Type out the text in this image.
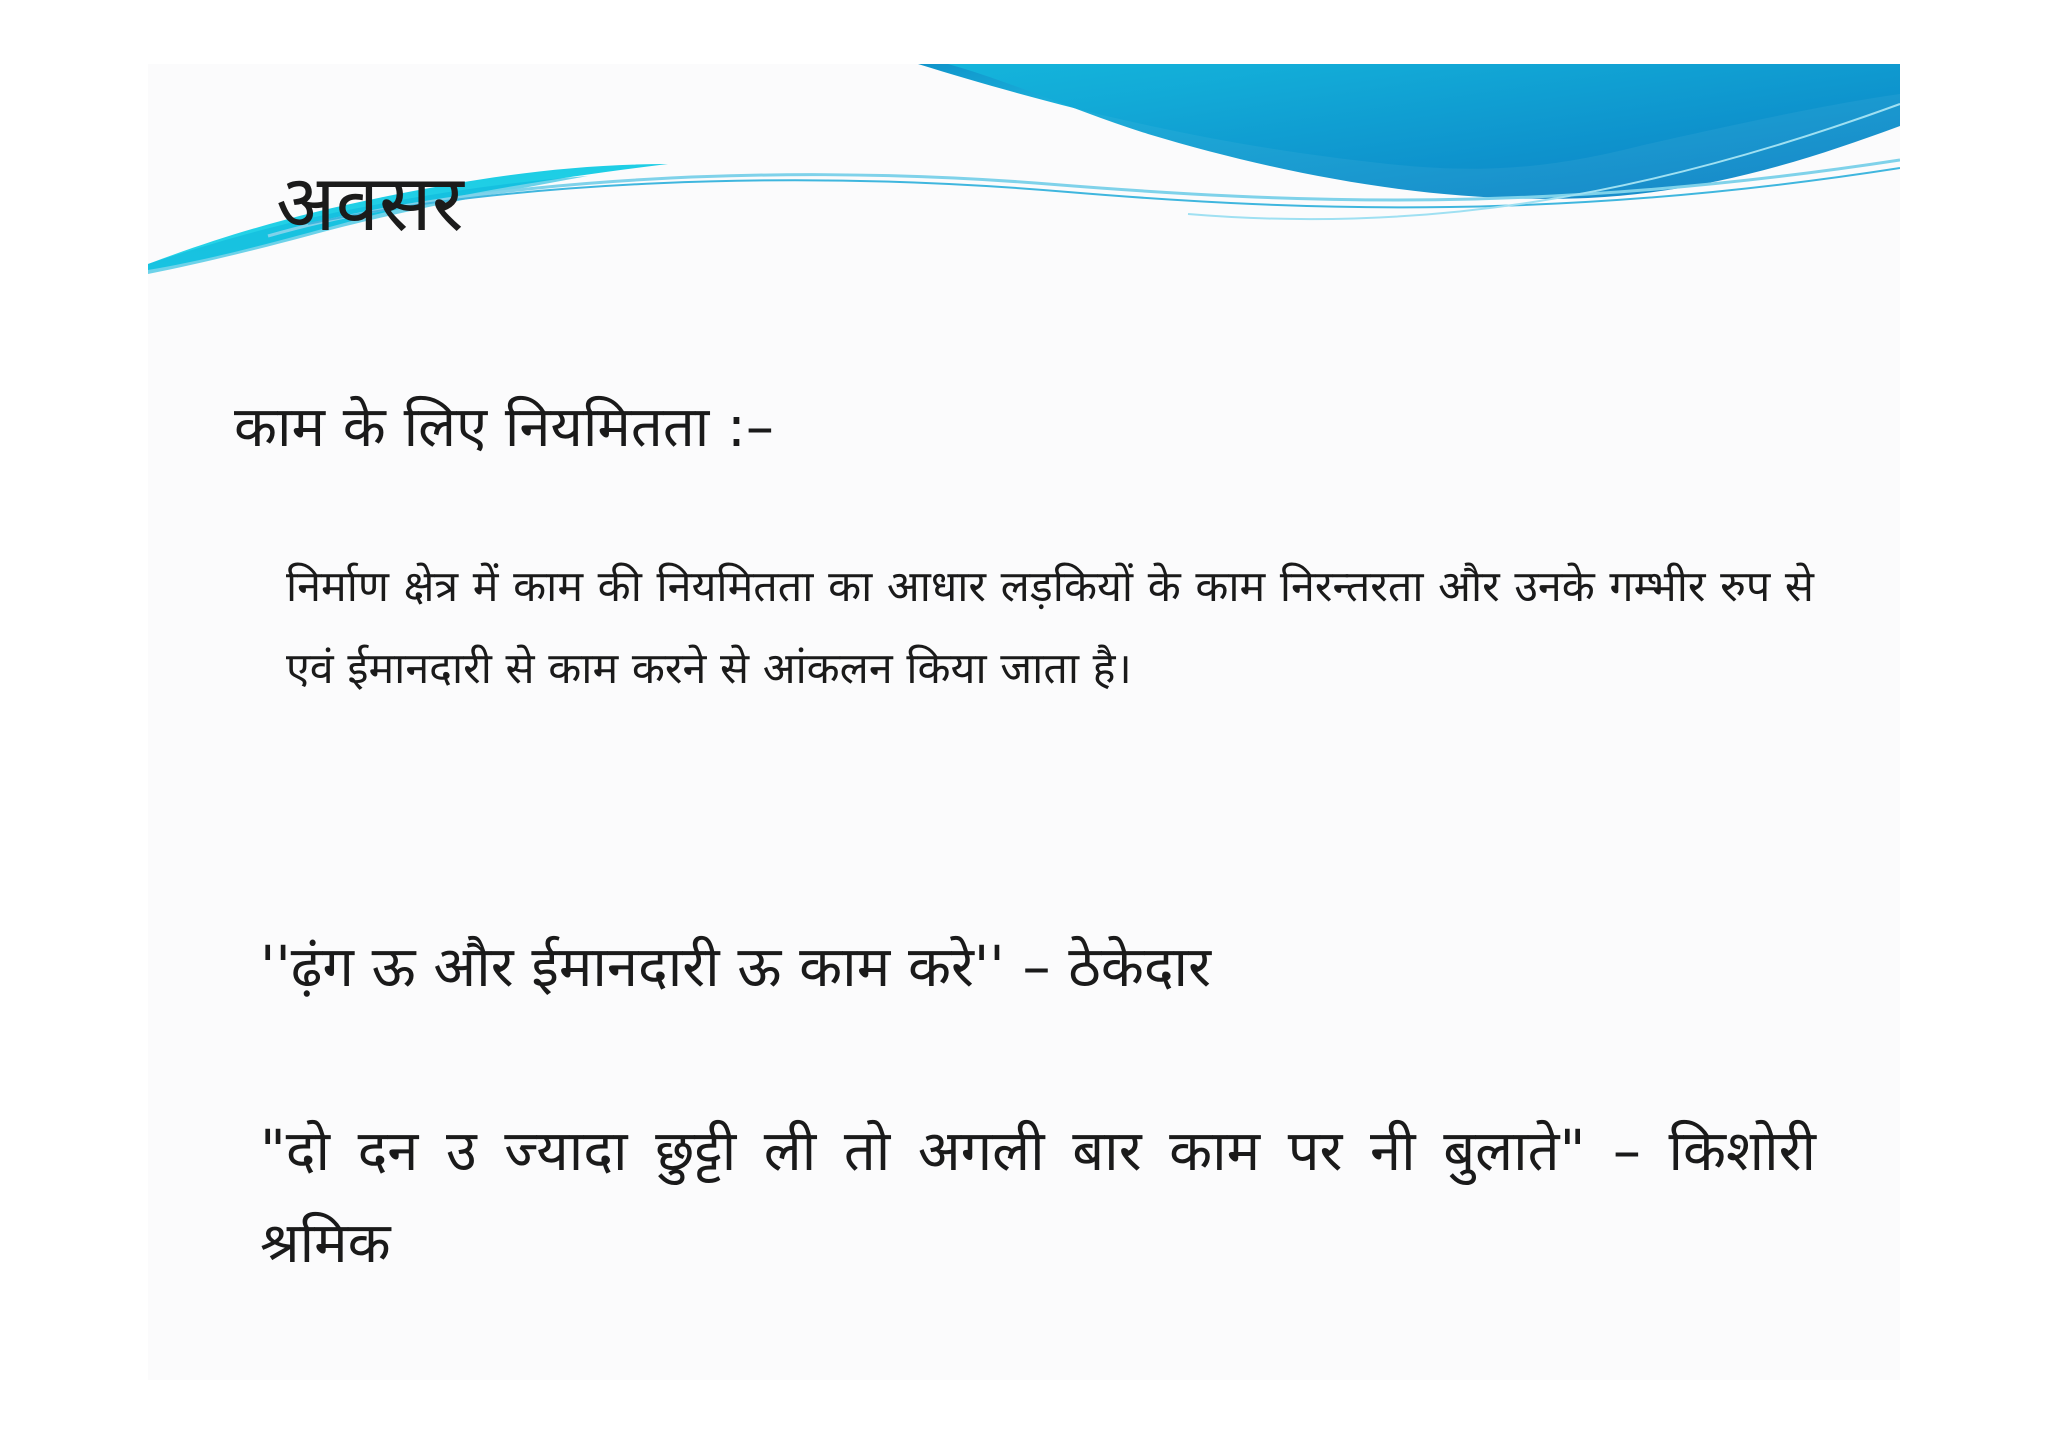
अवसर
काम के लिए नियमितता :–

निर्माण क्षेत्र में काम की नियमितता का आधार लड़कियों के काम निरन्तरता और उनके गम्भीर रुप से एवं ईमानदारी से काम करने से आंकलन किया जाता है।

''ढ़ंग ऊ और ईमानदारी ऊ काम करे'' – ठेकेदार

"दो दन उ ज्यादा छुट्टी ली तो अगली बार काम पर नी बुलाते" – किशोरी श्रमिक
